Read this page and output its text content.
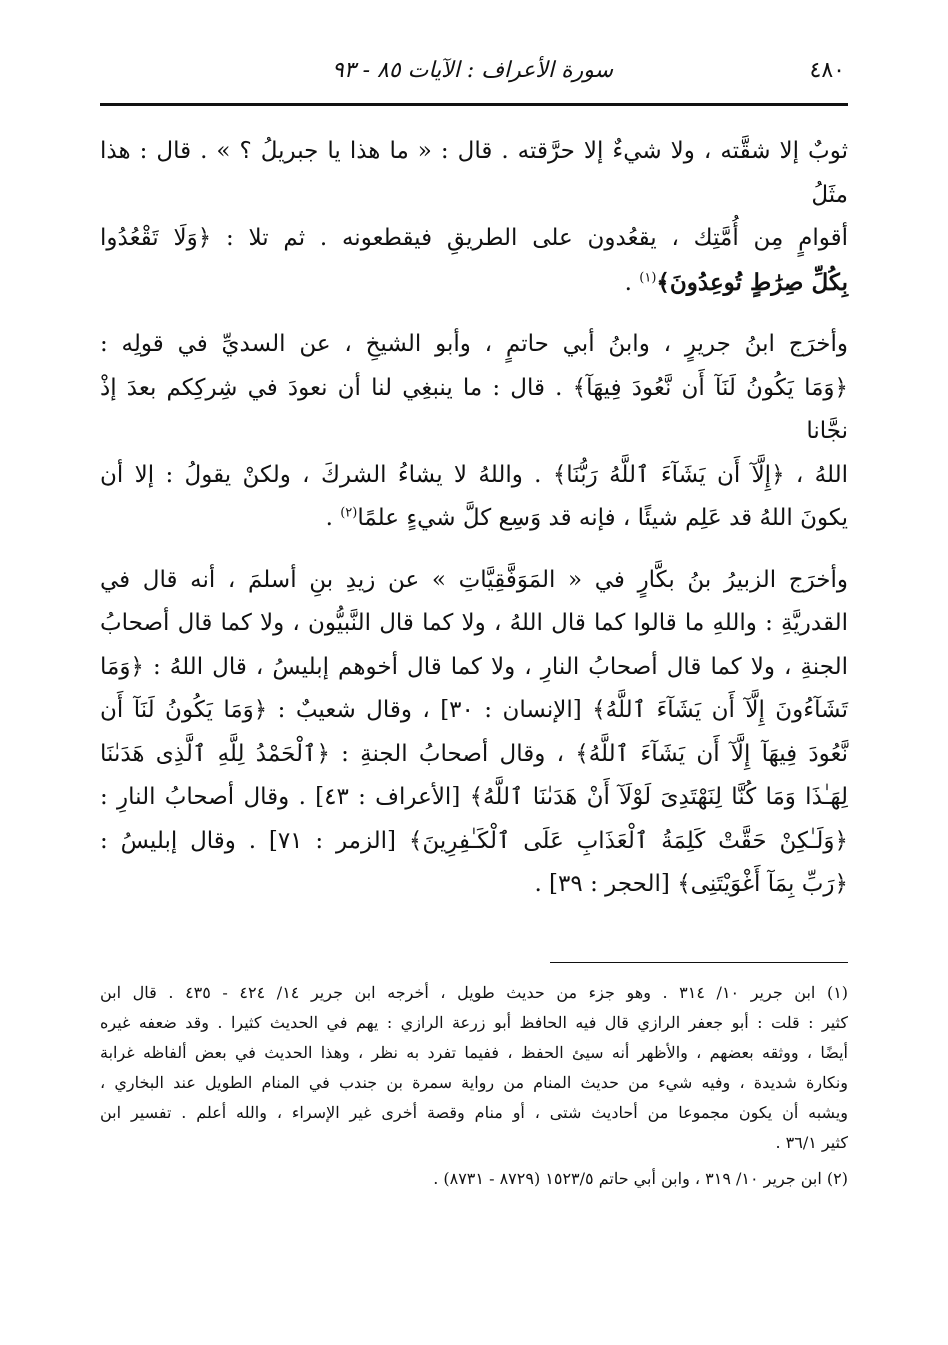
٤٨٠
سورة الأعراف : الآيات ٨٥ - ٩٣

ثوبٌ إلا شقَّته ، ولا شيءٌ إلا حرَّقته . قال : « ما هذا يا جبريلُ ؟ » . قال : هذا مثَلُ
أقوامٍ مِن أُمَّتِك ، يقعُدون على الطريقِ فيقطعونه . ثم تلا : ﴿وَلَا تَقْعُدُوا
بِكُلِّ صِرَٰطٍ تُوعِدُونَ﴾$^{(١)}$ .

وأخرَج ابنُ جريرٍ ، وابنُ أبي حاتمٍ ، وأبو الشيخِ ، عن السديِّ في قولِه :
﴿وَمَا يَكُونُ لَنَآ أَن نَّعُودَ فِيهَآ﴾ . قال : ما ينبغِي لنا أن نعودَ في شِركِكم بعدَ إذْ نجَّانا
اللهُ ، ﴿إِلَّآ أَن يَشَآءَ ٱللَّهُ رَبُّنَا﴾ . واللهُ لا يشاءُ الشركَ ، ولكنْ يقولُ : إلا أن
يكونَ اللهُ قد عَلِم شيئًا ، فإنه قد وَسِع كلَّ شيءٍ علمًا$^{(٢)}$ .

وأخرَج الزبيرُ بنُ بكَّارٍ في « المَوَفَّقِيَّاتِ » عن زيدِ بنِ أسلمَ ، أنه قال في
القدريَّةِ : واللهِ ما قالوا كما قال اللهُ ، ولا كما قال النَّبيُّون ، ولا كما قال أصحابُ
الجنةِ ، ولا كما قال أصحابُ النارِ ، ولا كما قال أخوهم إبليسُ ، قال اللهُ : ﴿وَمَا
تَشَآءُونَ إِلَّآ أَن يَشَآءَ ٱللَّهُ﴾ [الإنسان : ٣٠] ، وقال شعيبٌ : ﴿وَمَا يَكُونُ لَنَآ أَن
نَّعُودَ فِيهَآ إِلَّآ أَن يَشَآءَ ٱللَّهُ﴾ ، وقال أصحابُ الجنةِ : ﴿ٱلْحَمْدُ لِلَّهِ ٱلَّذِى هَدَىٰنَا
لِهَـٰذَا وَمَا كُنَّا لِنَهْتَدِىَ لَوْلَآ أَنْ هَدَىٰنَا ٱللَّهُ﴾ [الأعراف : ٤٣] . وقال أصحابُ النارِ :
﴿وَلَـٰكِنْ حَقَّتْ كَلِمَةُ ٱلْعَذَابِ عَلَى ٱلْكَـٰفِرِينَ﴾ [الزمر : ٧١] . وقال إبليسُ :
﴿رَبِّ بِمَآ أَغْوَيْتَنِى﴾ [الحجر : ٣٩] .

(١) ابن جرير ١٠/ ٣١٤ . وهو جزء من حديث طويل ، أخرجه ابن جرير ١٤/ ٤٢٤ - ٤٣٥ . قال ابن
كثير : قلت : أبو جعفر الرازي قال فيه الحافظ أبو زرعة الرازي : يهم في الحديث كثيرا . وقد ضعفه غيره
أيضًا ، ووثقه بعضهم ، والأظهر أنه سيئ الحفظ ، ففيما تفرد به نظر ، وهذا الحديث في بعض ألفاظه غرابة
ونكارة شديدة ، وفيه شيء من حديث المنام من رواية سمرة بن جندب في المنام الطويل عند البخاري ،
ويشبه أن يكون مجموعا من أحاديث شتى ، أو منام وقصة أخرى غير الإسراء ، والله أعلم . تفسير ابن
كثير ٣٦/١ .
(٢) ابن جرير ١٠/ ٣١٩ ، وابن أبي حاتم ١٥٢٣/٥ (٨٧٢٩ - ٨٧٣١) .
